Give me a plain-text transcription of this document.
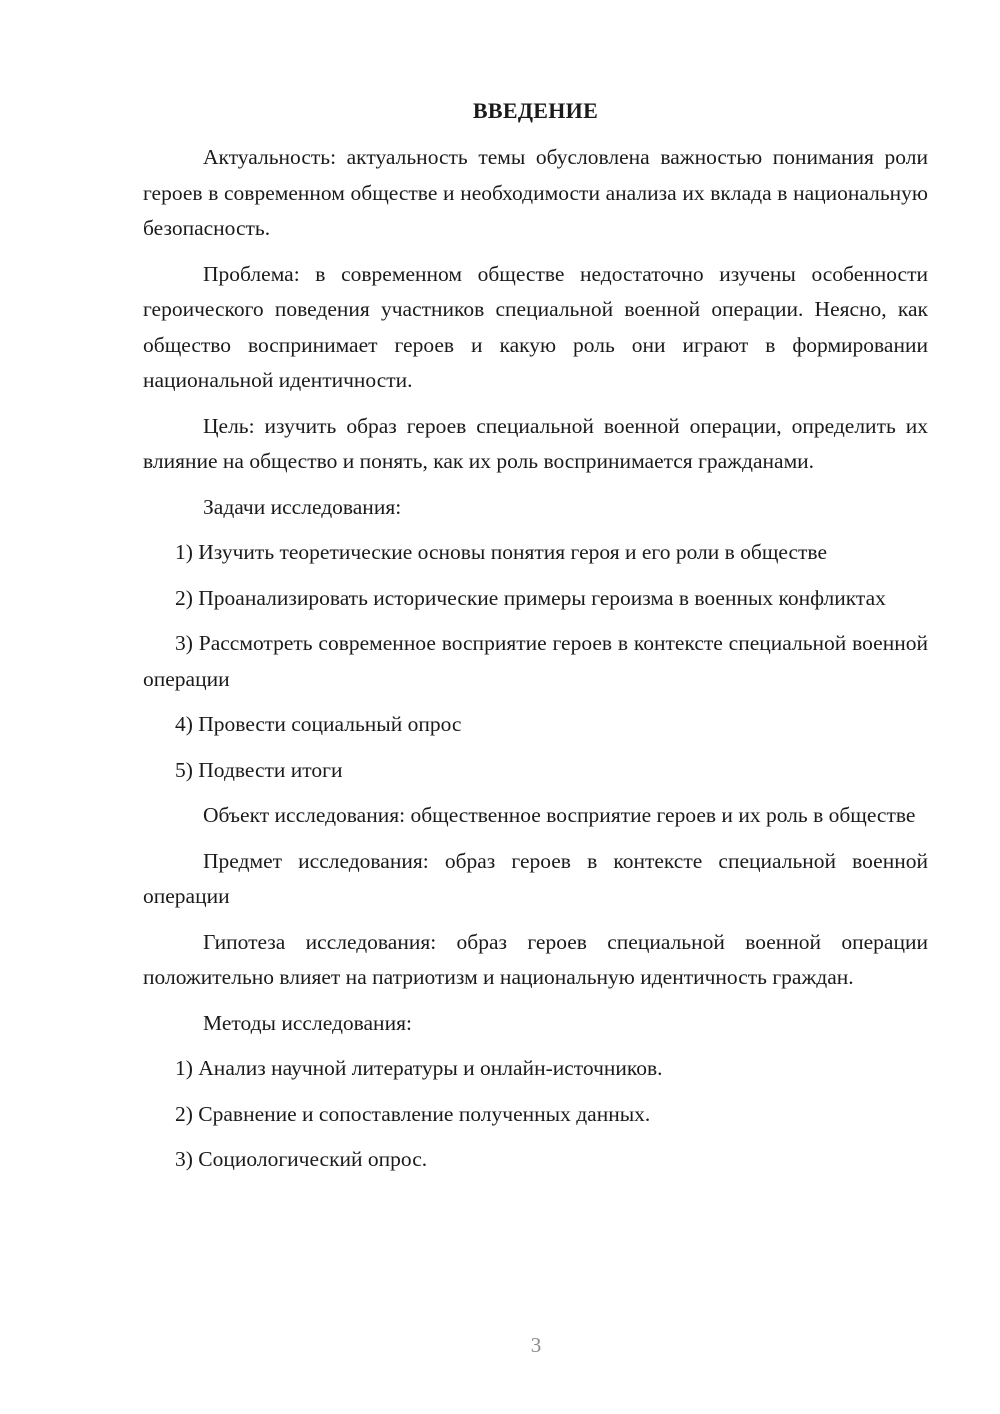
ВВЕДЕНИЕ

Актуальность: актуальность темы обусловлена важностью понимания роли героев в современном обществе и необходимости анализа их вклада в национальную безопасность.

Проблема: в современном обществе недостаточно изучены особенности героического поведения участников специальной военной операции. Неясно, как общество воспринимает героев и какую роль они играют в формировании национальной идентичности.

Цель: изучить образ героев специальной военной операции, определить их влияние на общество и понять, как их роль воспринимается гражданами.

Задачи исследования:

1) Изучить теоретические основы понятия героя и его роли в обществе

2) Проанализировать исторические примеры героизма в военных конфликтах

3) Рассмотреть современное восприятие героев в контексте специальной военной операции

4) Провести социальный опрос

5) Подвести итоги

Объект исследования: общественное восприятие героев и их роль в обществе

Предмет исследования: образ героев в контексте специальной военной операции

Гипотеза исследования: образ героев специальной военной операции положительно влияет на патриотизм и национальную идентичность граждан.

Методы исследования:

1) Анализ научной литературы и онлайн-источников.

2) Сравнение и сопоставление полученных данных.

3) Социологический опрос.

3
